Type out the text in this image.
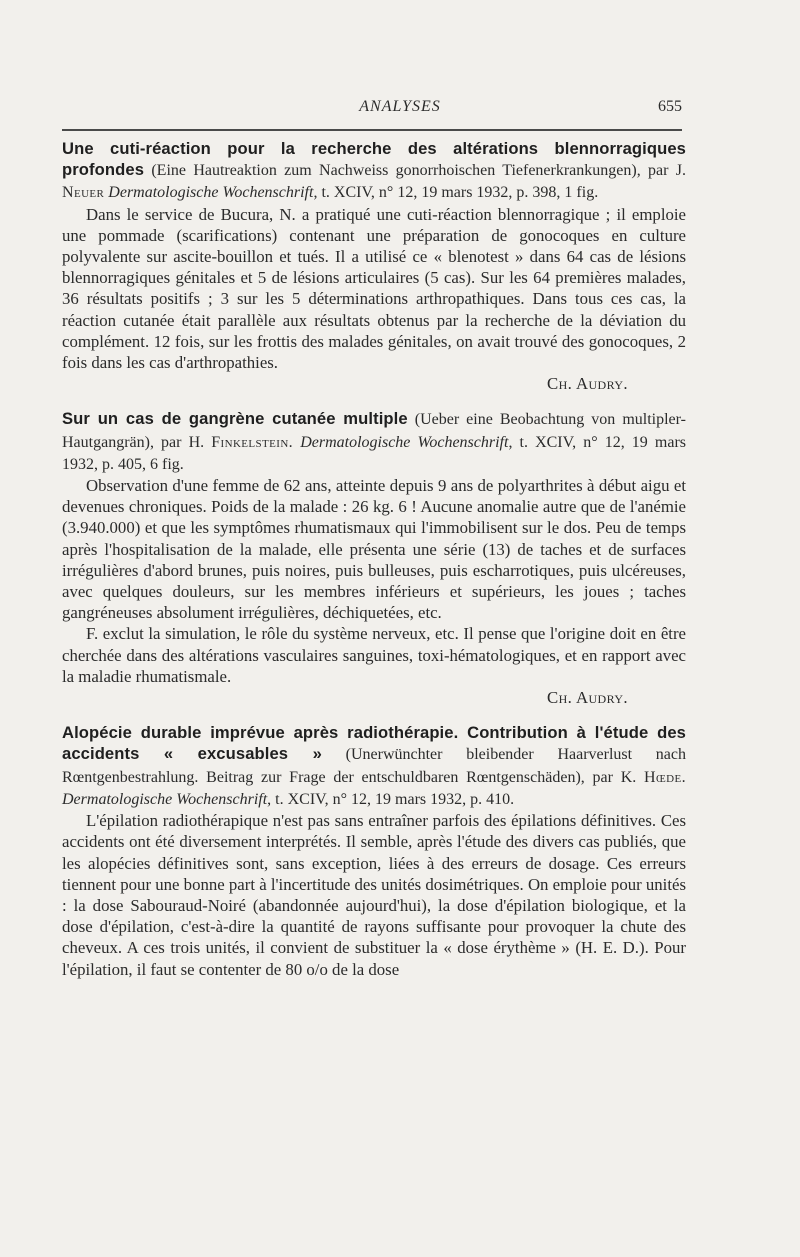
ANALYSES	655

Une cuti-réaction pour la recherche des altérations blennorragiques profondes (Eine Hautreaktion zum Nachweiss gonorrhoischen Tiefenerkrankungen), par J. Neuer Dermatologische Wochenschrift, t. XCIV, n° 12, 19 mars 1932, p. 398, 1 fig.

Dans le service de Bucura, N. a pratiqué une cuti-réaction blennorragique ; il emploie une pommade (scarifications) contenant une préparation de gonocoques en culture polyvalente sur ascite-bouillon et tués. Il a utilisé ce « blenotest » dans 64 cas de lésions blennorragiques génitales et 5 de lésions articulaires (5 cas). Sur les 64 premières malades, 36 résultats positifs ; 3 sur les 5 déterminations arthropathiques. Dans tous ces cas, la réaction cutanée était parallèle aux résultats obtenus par la recherche de la déviation du complément. 12 fois, sur les frottis des malades génitales, on avait trouvé des gonocoques, 2 fois dans les cas d'arthropathies.

Ch. Audry.

Sur un cas de gangrène cutanée multiple (Ueber eine Beobachtung von multipler-Hautgangrän), par H. Finkelstein. Dermatologische Wochenschrift, t. XCIV, n° 12, 19 mars 1932, p. 405, 6 fig.

Observation d'une femme de 62 ans, atteinte depuis 9 ans de polyarthrites à début aigu et devenues chroniques. Poids de la malade : 26 kg. 6 ! Aucune anomalie autre que de l'anémie (3.940.000) et que les symptômes rhumatismaux qui l'immobilisent sur le dos. Peu de temps après l'hospitalisation de la malade, elle présenta une série (13) de taches et de surfaces irrégulières d'abord brunes, puis noires, puis bulleuses, puis escharrotiques, puis ulcéreuses, avec quelques douleurs, sur les membres inférieurs et supérieurs, les joues ; taches gangréneuses absolument irrégulières, déchiquetées, etc.

F. exclut la simulation, le rôle du système nerveux, etc. Il pense que l'origine doit en être cherchée dans des altérations vasculaires sanguines, toxi-hématologiques, et en rapport avec la maladie rhumatismale.

Ch. Audry.

Alopécie durable imprévue après radiothérapie. Contribution à l'étude des accidents « excusables » (Unerwünchter bleibender Haarverlust nach Rœntgenbestrahlung. Beitrag zur Frage der entschuldbaren Rœntgenschäden), par K. Hœde. Dermatologische Wochenschrift, t. XCIV, n° 12, 19 mars 1932, p. 410.

L'épilation radiothérapique n'est pas sans entraîner parfois des épilations définitives. Ces accidents ont été diversement interprétés. Il semble, après l'étude des divers cas publiés, que les alopécies définitives sont, sans exception, liées à des erreurs de dosage. Ces erreurs tiennent pour une bonne part à l'incertitude des unités dosimétriques. On emploie pour unités : la dose Sabouraud-Noiré (abandonnée aujourd'hui), la dose d'épilation biologique, et la dose d'épilation, c'est-à-dire la quantité de rayons suffisante pour provoquer la chute des cheveux. A ces trois unités, il convient de substituer la « dose érythème » (H. E. D.). Pour l'épilation, il faut se contenter de 80 o/o de la dose
